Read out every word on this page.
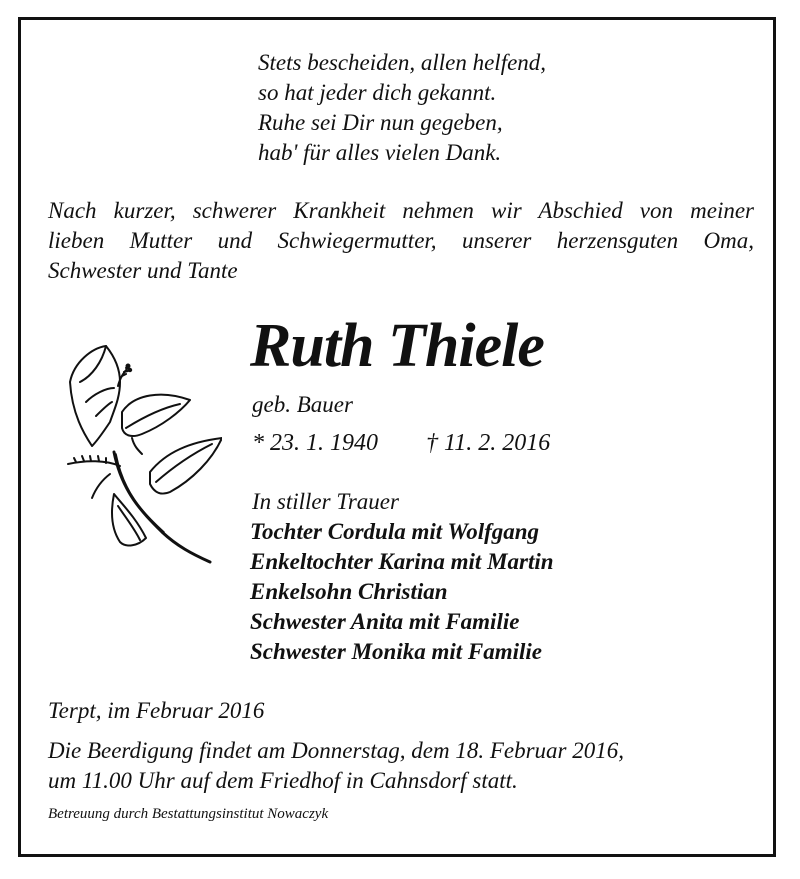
Stets bescheiden, allen helfend,
so hat jeder dich gekannt.
Ruhe sei Dir nun gegeben,
hab' für alles vielen Dank.
Nach kurzer, schwerer Krankheit nehmen wir Abschied von meiner
lieben Mutter und Schwiegermutter, unserer herzensguten Oma,
Schwester und Tante
Ruth Thiele
geb. Bauer
* 23. 1. 1940 † 11. 2. 2016
In stiller Trauer
Tochter Cordula mit Wolfgang
Enkeltochter Karina mit Martin
Enkelsohn Christian
Schwester Anita mit Familie
Schwester Monika mit Familie
Terpt, im Februar 2016
Die Beerdigung findet am Donnerstag, dem 18. Februar 2016,
um 11.00 Uhr auf dem Friedhof in Cahnsdorf statt.
Betreuung durch Bestattungsinstitut Nowaczyk
